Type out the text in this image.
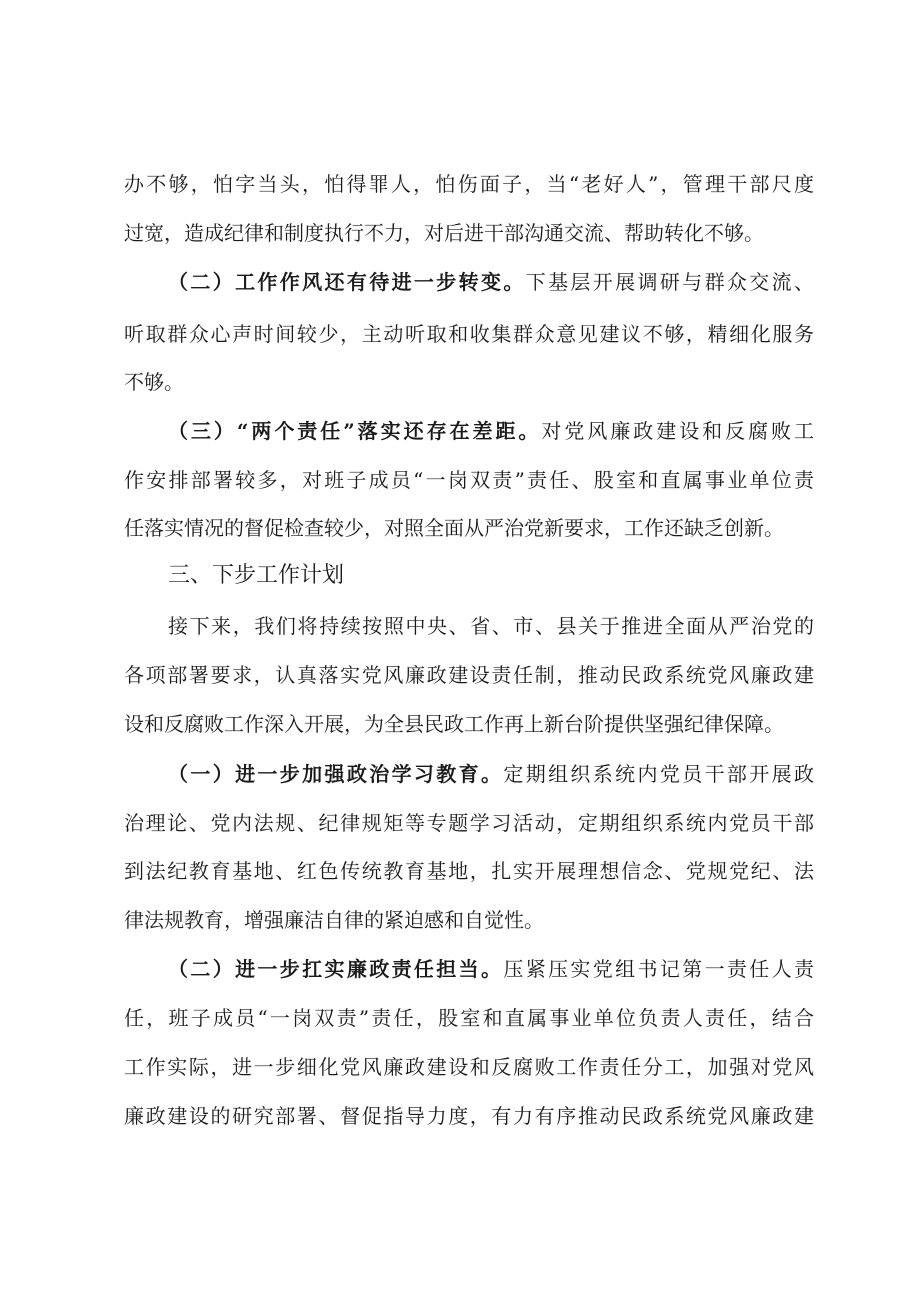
办不够，怕字当头，怕得罪人，怕伤面子，当“老好人”，管理干部尺度
过宽，造成纪律和制度执行不力，对后进干部沟通交流、帮助转化不够。
（二）工作作风还有待进一步转变。下基层开展调研与群众交流、
听取群众心声时间较少，主动听取和收集群众意见建议不够，精细化服务
不够。
（三）“两个责任”落实还存在差距。对党风廉政建设和反腐败工
作安排部署较多，对班子成员“一岗双责”责任、股室和直属事业单位责
任落实情况的督促检查较少，对照全面从严治党新要求，工作还缺乏创新。
三、下步工作计划
接下来，我们将持续按照中央、省、市、县关于推进全面从严治党的
各项部署要求，认真落实党风廉政建设责任制，推动民政系统党风廉政建
设和反腐败工作深入开展，为全县民政工作再上新台阶提供坚强纪律保障。
（一）进一步加强政治学习教育。定期组织系统内党员干部开展政
治理论、党内法规、纪律规矩等专题学习活动，定期组织系统内党员干部
到法纪教育基地、红色传统教育基地，扎实开展理想信念、党规党纪、法
律法规教育，增强廉洁自律的紧迫感和自觉性。
（二）进一步扛实廉政责任担当。压紧压实党组书记第一责任人责
任，班子成员“一岗双责”责任，股室和直属事业单位负责人责任，结合
工作实际，进一步细化党风廉政建设和反腐败工作责任分工，加强对党风
廉政建设的研究部署、督促指导力度，有力有序推动民政系统党风廉政建
